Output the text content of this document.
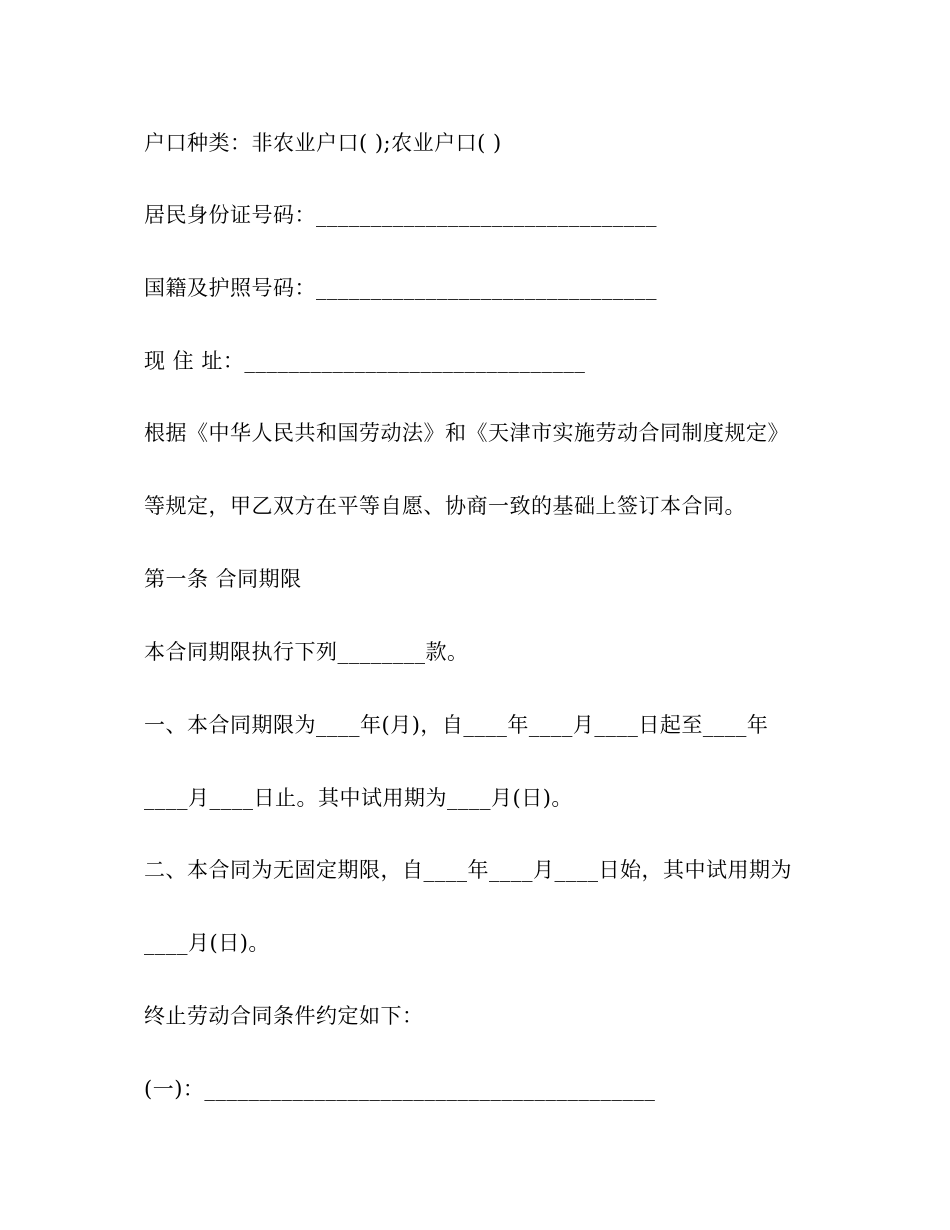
户口种类：非农业户口( );农业户口( )
居民身份证号码：_______________________________
国籍及护照号码：_______________________________
现 住 址：_______________________________
根据《中华人民共和国劳动法》和《天津市实施劳动合同制度规定》
等规定，甲乙双方在平等自愿、协商一致的基础上签订本合同。
第一条 合同期限
本合同期限执行下列________款。
一、本合同期限为____年(月)，自____年____月____日起至____年
____月____日止。其中试用期为____月(日)。
二、本合同为无固定期限，自____年____月____日始，其中试用期为
____月(日)。
终止劳动合同条件约定如下：
(一)：_________________________________________
